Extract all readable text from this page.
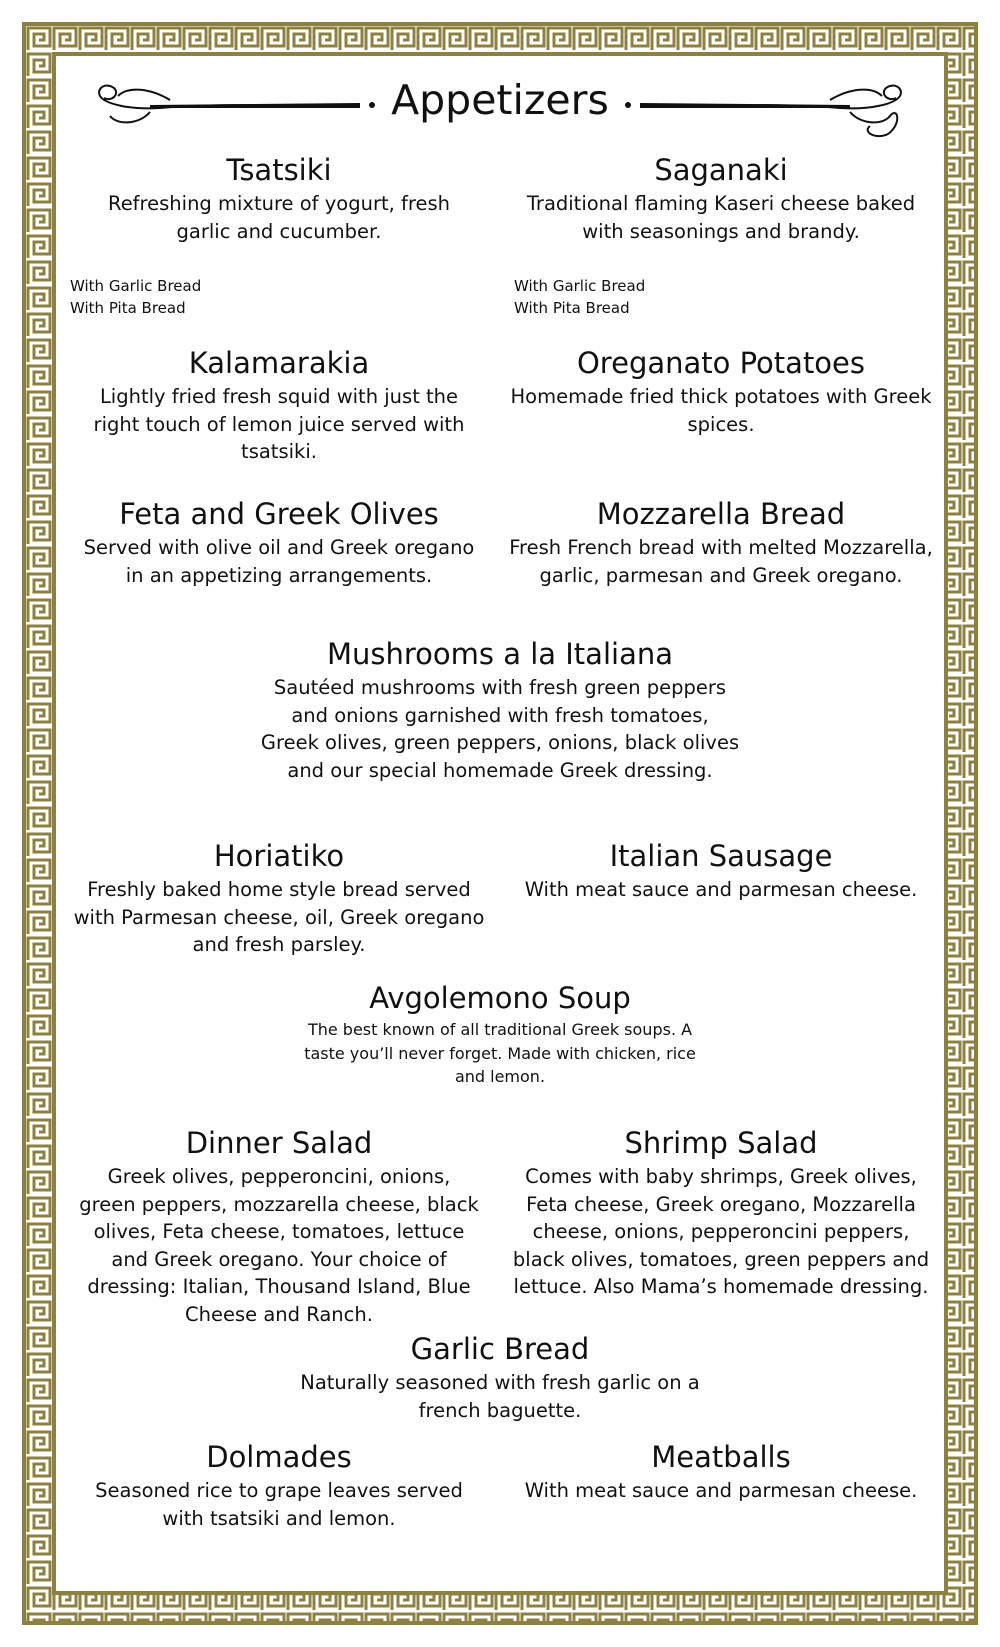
Appetizers
Tsatsiki
Refreshing mixture of yogurt, fresh garlic and cucumber.
With Garlic Bread
With Pita Bread
Saganaki
Traditional flaming Kaseri cheese baked with seasonings and brandy.
With Garlic Bread
With Pita Bread
Kalamarakia
Lightly fried fresh squid with just the right touch of lemon juice served with tsatsiki.
Oreganato Potatoes
Homemade fried thick potatoes with Greek spices.
Feta and Greek Olives
Served with olive oil and Greek oregano in an appetizing arrangements.
Mozzarella Bread
Fresh French bread with melted Mozzarella, garlic, parmesan and Greek oregano.
Mushrooms a la Italiana
Sautéed mushrooms with fresh green peppers and onions garnished with fresh tomatoes, Greek olives, green peppers, onions, black olives and our special homemade Greek dressing.
Horiatiko
Freshly baked home style bread served with Parmesan cheese, oil, Greek oregano and fresh parsley.
Italian Sausage
With meat sauce and parmesan cheese.
Avgolemono Soup
The best known of all traditional Greek soups. A taste you’ll never forget. Made with chicken, rice and lemon.
Dinner Salad
Greek olives, pepperoncini, onions, green peppers, mozzarella cheese, black olives, Feta cheese, tomatoes, lettuce and Greek oregano. Your choice of dressing: Italian, Thousand Island, Blue Cheese and Ranch.
Shrimp Salad
Comes with baby shrimps, Greek olives, Feta cheese, Greek oregano, Mozzarella cheese, onions, pepperoncini peppers, black olives, tomatoes, green peppers and lettuce. Also Mama’s homemade dressing.
Garlic Bread
Naturally seasoned with fresh garlic on a french baguette.
Dolmades
Seasoned rice to grape leaves served with tsatsiki and lemon.
Meatballs
With meat sauce and parmesan cheese.
